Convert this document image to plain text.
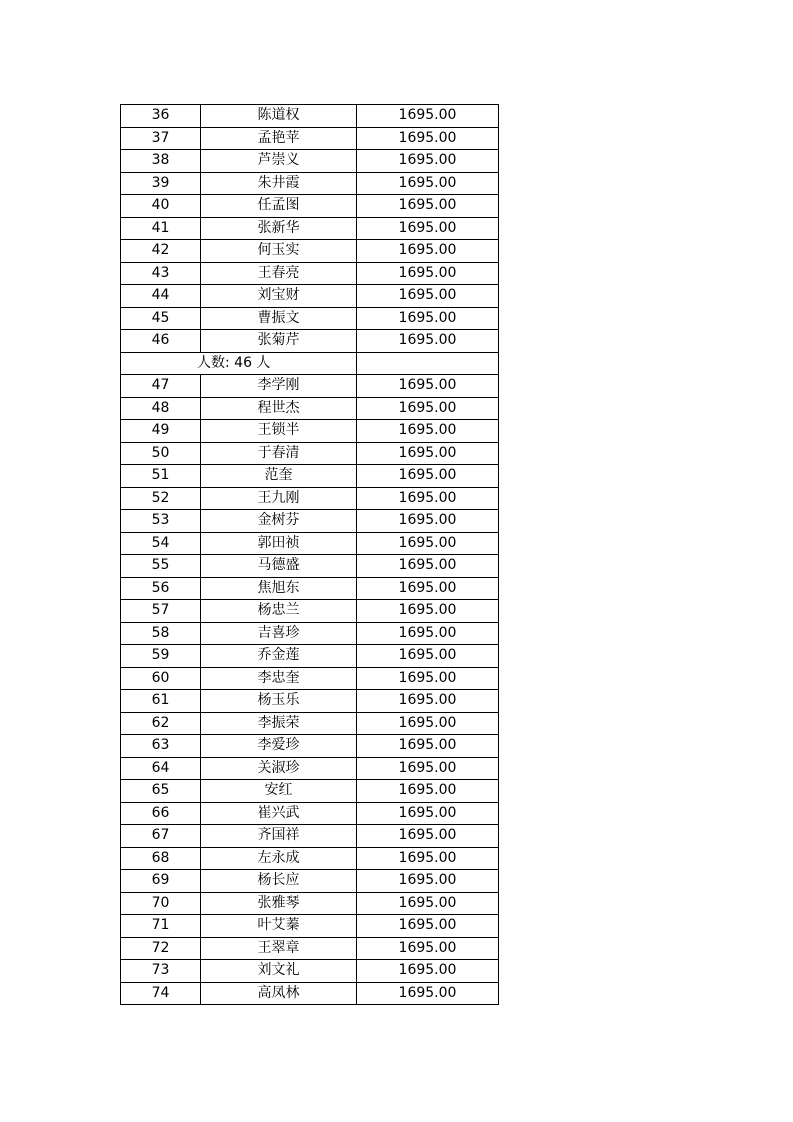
36	陈道权	1695.00
37	孟艳苹	1695.00
38	芦崇义	1695.00
39	朱井霞	1695.00
40	任孟图	1695.00
41	张新华	1695.00
42	何玉实	1695.00
43	王春亮	1695.00
44	刘宝财	1695.00
45	曹振文	1695.00
46	张菊芹	1695.00
人数: 46 人		
47	李学刚	1695.00
48	程世杰	1695.00
49	王锁半	1695.00
50	于春清	1695.00
51	范奎	1695.00
52	王九刚	1695.00
53	金树芬	1695.00
54	郭田祯	1695.00
55	马德盛	1695.00
56	焦旭东	1695.00
57	杨忠兰	1695.00
58	吉喜珍	1695.00
59	乔金莲	1695.00
60	李忠奎	1695.00
61	杨玉乐	1695.00
62	李振荣	1695.00
63	李爱珍	1695.00
64	关淑珍	1695.00
65	安红	1695.00
66	崔兴武	1695.00
67	齐国祥	1695.00
68	左永成	1695.00
69	杨长应	1695.00
70	张雅琴	1695.00
71	叶艾蓁	1695.00
72	王翠章	1695.00
73	刘文礼	1695.00
74	高凤林	1695.00
